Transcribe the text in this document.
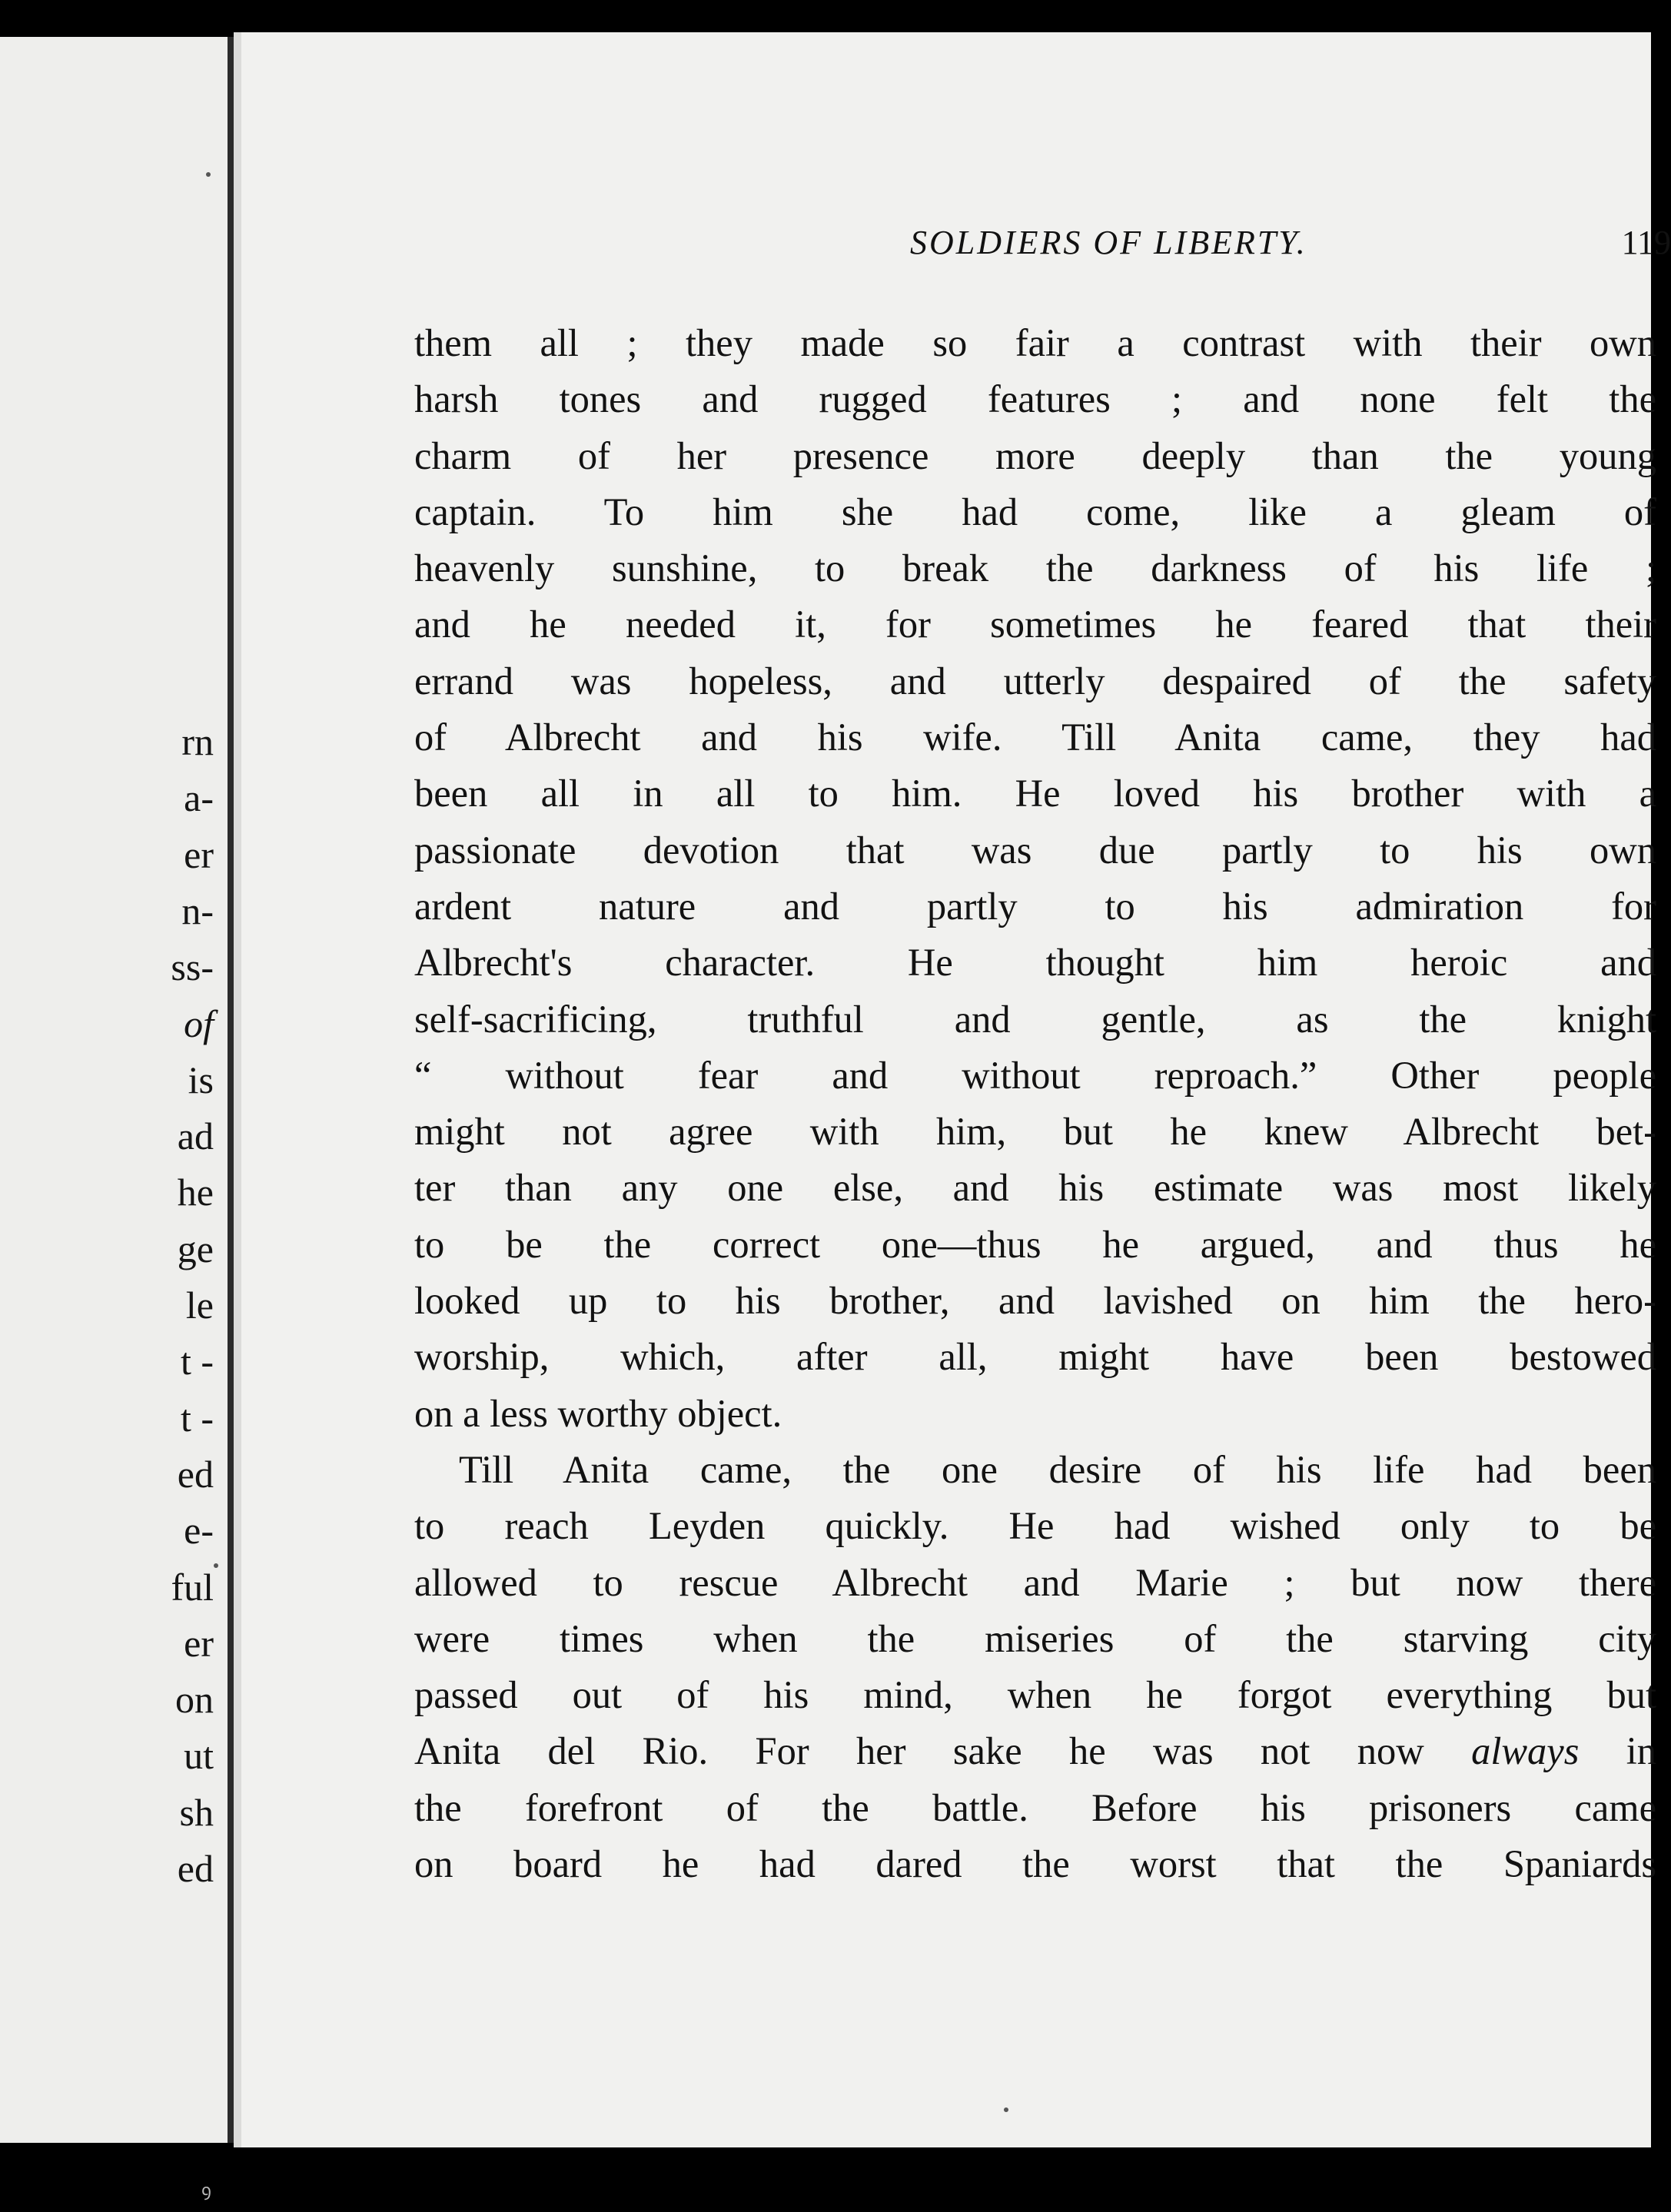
rn
a-
er
n-
ss-
of
is
ad
he
ge
le
t -
t -
ed
e-
ful
er
on
ut
sh
ed
SOLDIERS OF LIBERTY.	119
them all ; they made so fair a contrast with their own
harsh tones and rugged features ; and none felt the
charm of her presence more deeply than the young
captain. To him she had come, like a gleam of
heavenly sunshine, to break the darkness of his life ;
and he needed it, for sometimes he feared that their
errand was hopeless, and utterly despaired of the safety
of Albrecht and his wife. Till Anita came, they had
been all in all to him. He loved his brother with a
passionate devotion that was due partly to his own
ardent nature and partly to his admiration for
Albrecht's character. He thought him heroic and
self-sacrificing, truthful and gentle, as the knight
“ without fear and without reproach.” Other people
might not agree with him, but he knew Albrecht bet-
ter than any one else, and his estimate was most likely
to be the correct one—thus he argued, and thus he
looked up to his brother, and lavished on him the hero-
worship, which, after all, might have been bestowed
on a less worthy object.
Till Anita came, the one desire of his life had been
to reach Leyden quickly. He had wished only to be
allowed to rescue Albrecht and Marie ; but now there
were times when the miseries of the starving city
passed out of his mind, when he forgot everything but
Anita del Rio. For her sake he was not now always in
the forefront of the battle. Before his prisoners came
on board he had dared the worst that the Spaniards
ꝯ
